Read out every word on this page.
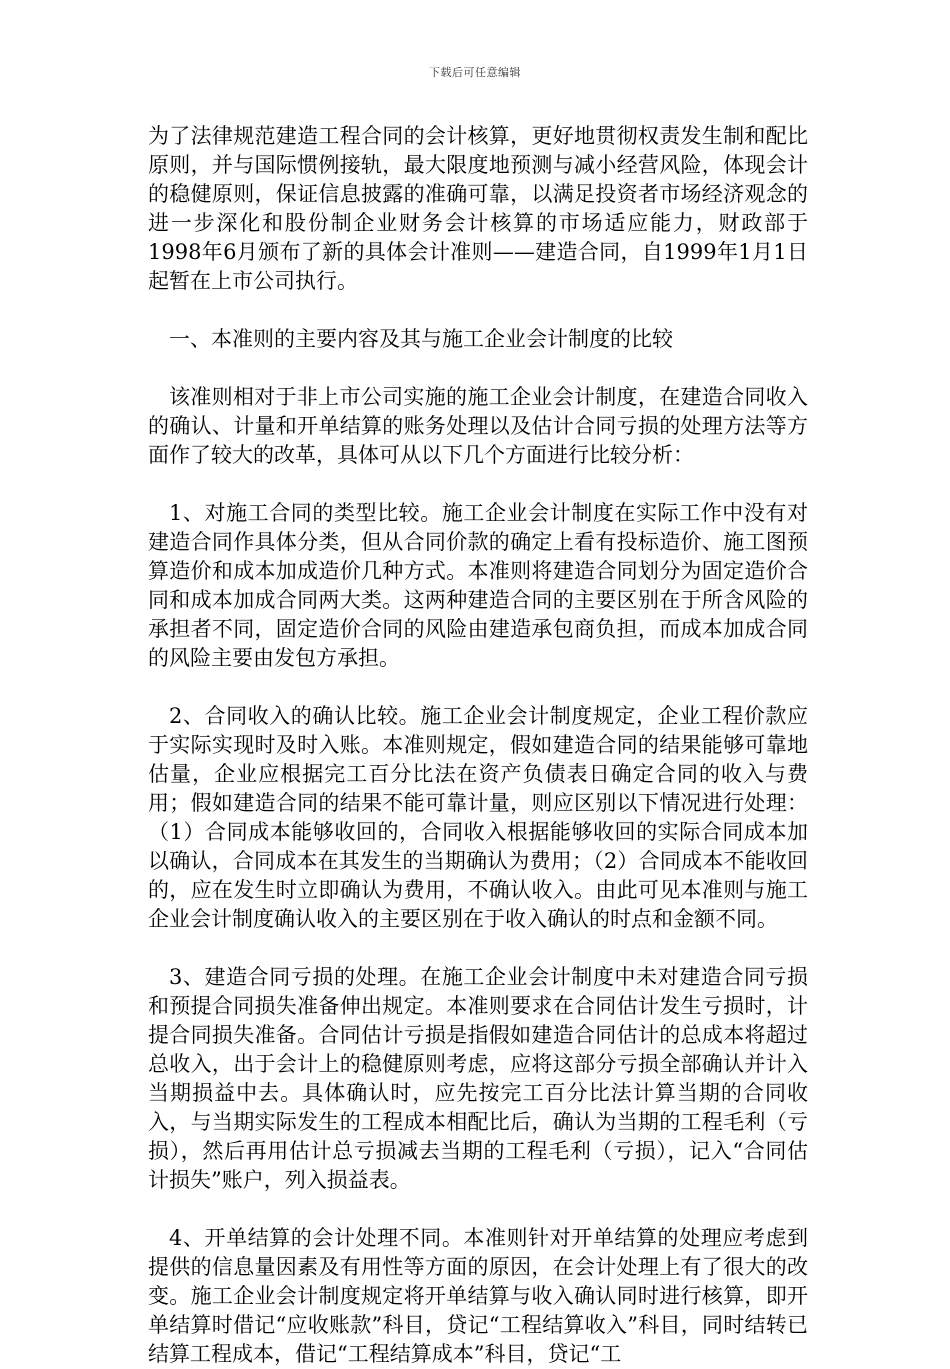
下载后可任意编辑

为了法律规范建造工程合同的会计核算，更好地贯彻权责发生制和配比原则，并与国际惯例接轨，最大限度地预测与减小经营风险，体现会计的稳健原则，保证信息披露的准确可靠，以满足投资者市场经济观念的进一步深化和股份制企业财务会计核算的市场适应能力，财政部于1998年6月颁布了新的具体会计准则——建造合同，自1999年1月1日起暂在上市公司执行。

一、本准则的主要内容及其与施工企业会计制度的比较

该准则相对于非上市公司实施的施工企业会计制度，在建造合同收入的确认、计量和开单结算的账务处理以及估计合同亏损的处理方法等方面作了较大的改革，具体可从以下几个方面进行比较分析：

1、对施工合同的类型比较。施工企业会计制度在实际工作中没有对建造合同作具体分类，但从合同价款的确定上看有投标造价、施工图预算造价和成本加成造价几种方式。本准则将建造合同划分为固定造价合同和成本加成合同两大类。这两种建造合同的主要区别在于所含风险的承担者不同，固定造价合同的风险由建造承包商负担，而成本加成合同的风险主要由发包方承担。

2、合同收入的确认比较。施工企业会计制度规定，企业工程价款应于实际实现时及时入账。本准则规定，假如建造合同的结果能够可靠地估量，企业应根据完工百分比法在资产负债表日确定合同的收入与费用；假如建造合同的结果不能可靠计量，则应区别以下情况进行处理：（1）合同成本能够收回的，合同收入根据能够收回的实际合同成本加以确认，合同成本在其发生的当期确认为费用；（2）合同成本不能收回的，应在发生时立即确认为费用，不确认收入。由此可见本准则与施工企业会计制度确认收入的主要区别在于收入确认的时点和金额不同。

3、建造合同亏损的处理。在施工企业会计制度中未对建造合同亏损和预提合同损失准备伸出规定。本准则要求在合同估计发生亏损时，计提合同损失准备。合同估计亏损是指假如建造合同估计的总成本将超过总收入，出于会计上的稳健原则考虑，应将这部分亏损全部确认并计入当期损益中去。具体确认时，应先按完工百分比法计算当期的合同收入，与当期实际发生的工程成本相配比后，确认为当期的工程毛利（亏损），然后再用估计总亏损减去当期的工程毛利（亏损），记入“合同估计损失”账户，列入损益表。

4、开单结算的会计处理不同。本准则针对开单结算的处理应考虑到提供的信息量因素及有用性等方面的原因，在会计处理上有了很大的改变。施工企业会计制度规定将开单结算与收入确认同时进行核算，即开单结算时借记“应收账款”科目，贷记“工程结算收入”科目，同时结转已结算工程成本，借记“工程结算成本”科目，贷记“工
